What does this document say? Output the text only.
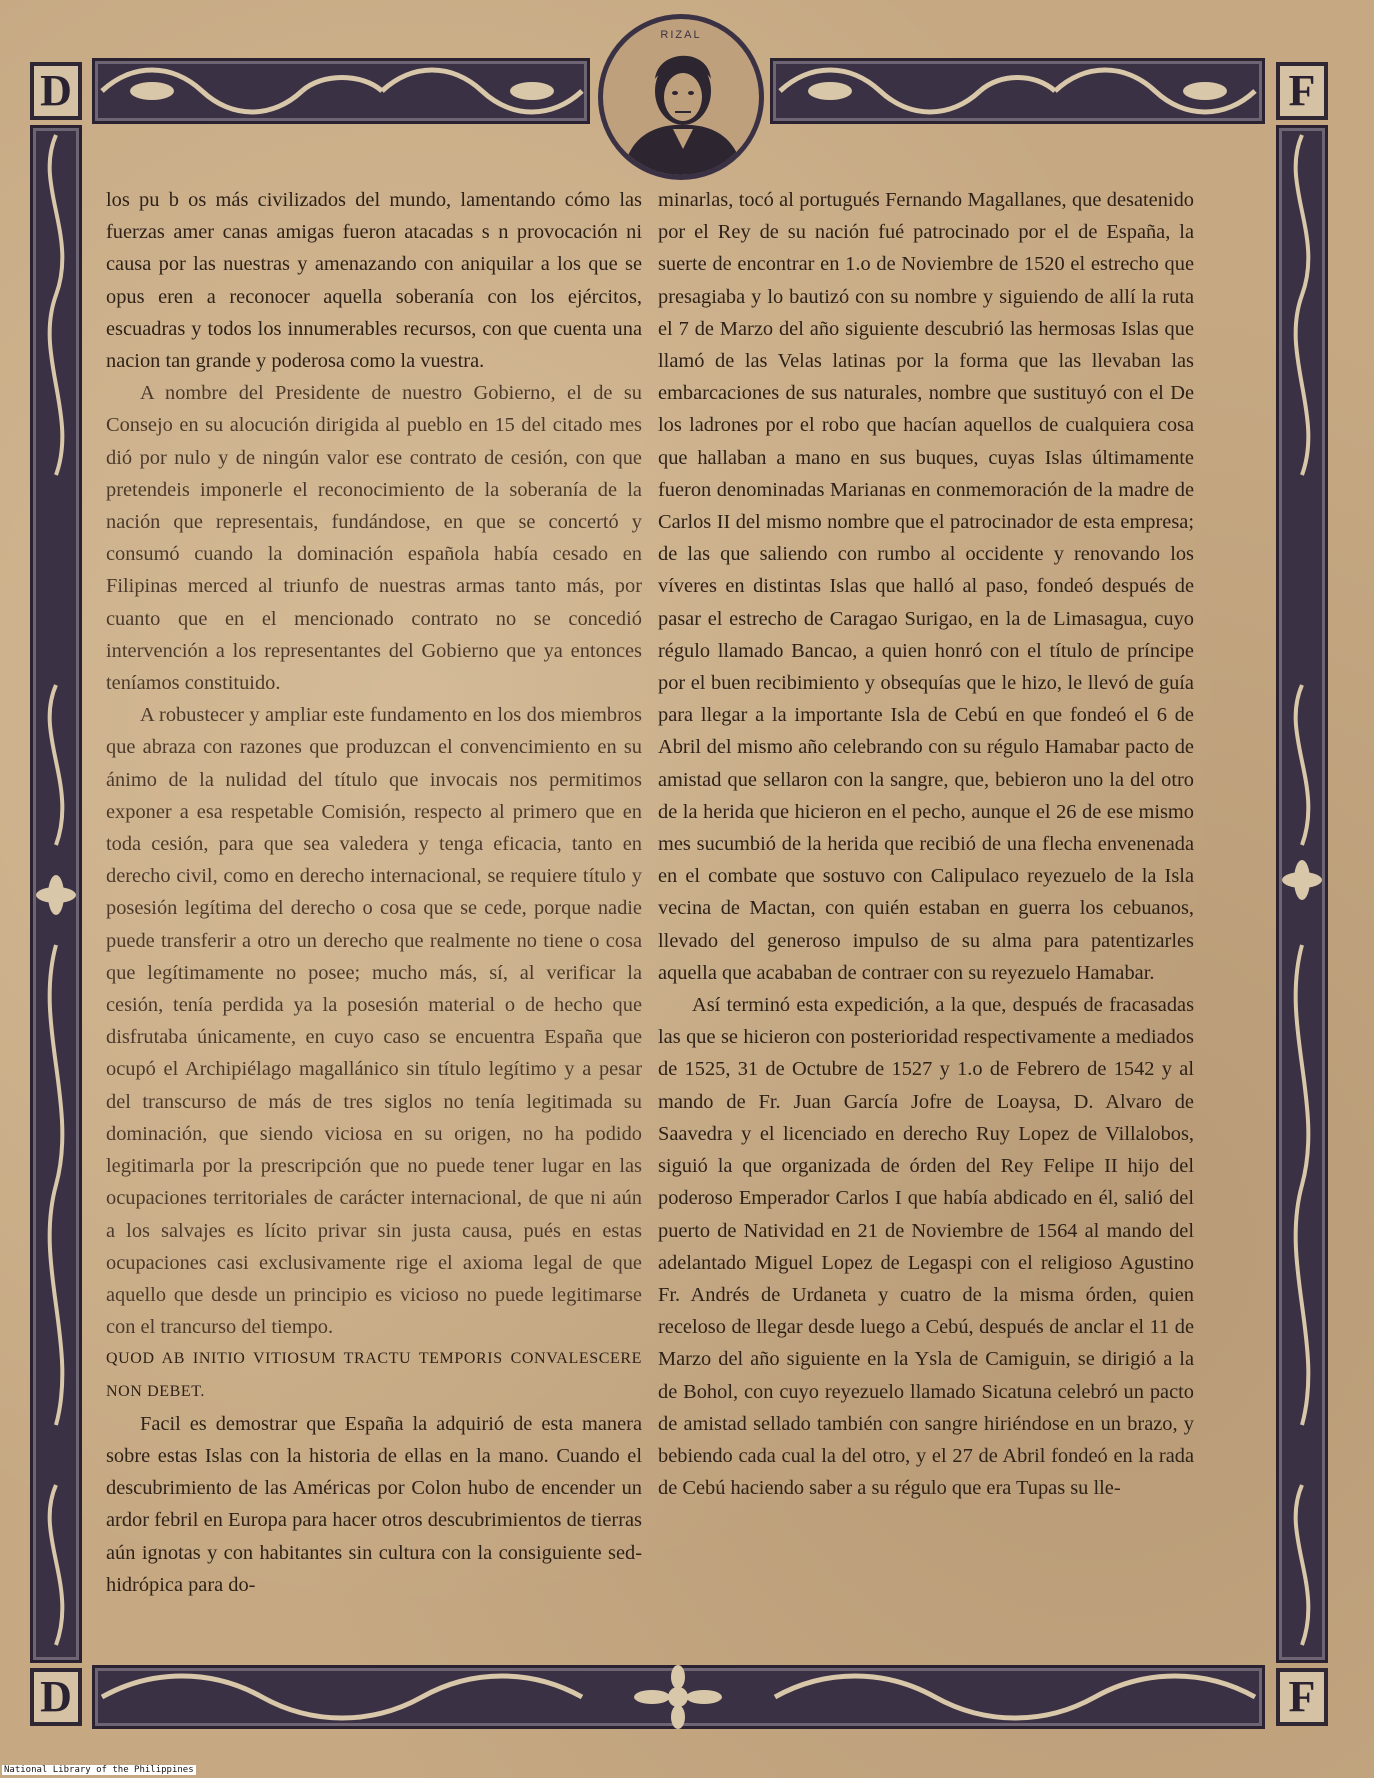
D	F
D	F
RIZAL

los pu b os más civilizados del mundo, lamentando cómo las fuerzas amer canas amigas fueron atacadas s n provocación ni causa por las nuestras y amenazando con aniquilar a los que se opus eren a reconocer aquella soberanía con los ejércitos, escuadras y todos los innumerables recursos, con que cuenta una nacion tan grande y poderosa como la vuestra.

A nombre del Presidente de nuestro Gobierno, el de su Consejo en su alocución dirigida al pueblo en 15 del citado mes dió por nulo y de ningún valor ese contrato de cesión, con que pretendeis imponerle el reconocimiento de la soberanía de la nación que representais, fundándose, en que se concertó y consumó cuando la dominación española había cesado en Filipinas merced al triunfo de nuestras armas tanto más, por cuanto que en el mencionado contrato no se concedió intervención a los representantes del Gobierno que ya entonces teníamos constituido.

A robustecer y ampliar este fundamento en los dos miembros que abraza con razones que produzcan el convencimiento en su ánimo de la nulidad del título que invocais nos permitimos exponer a esa respetable Comisión, respecto al primero que en toda cesión, para que sea valedera y tenga eficacia, tanto en derecho civil, como en derecho internacional, se requiere título y posesión legítima del derecho o cosa que se cede, porque nadie puede transferir a otro un derecho que realmente no tiene o cosa que legítimamente no posee; mucho más, sí, al verificar la cesión, tenía perdida ya la posesión material o de hecho que disfrutaba únicamente, en cuyo caso se encuentra España que ocupó el Archipiélago magallánico sin título legítimo y a pesar del transcurso de más de tres siglos no tenía legitimada su dominación, que siendo viciosa en su origen, no ha podido legitimarla por la prescripción que no puede tener lugar en las ocupaciones territoriales de carácter internacional, de que ni aún a los salvajes es lícito privar sin justa causa, pués en estas ocupaciones casi exclusivamente rige el axioma legal de que aquello que desde un principio es vicioso no puede legitimarse con el trancurso del tiempo.

QUOD AB INITIO VITIOSUM TRACTU TEMPORIS CONVALESCERE NON DEBET.

Facil es demostrar que España la adquirió de esta manera sobre estas Islas con la historia de ellas en la mano. Cuando el descubrimiento de las Américas por Colon hubo de encender un ardor febril en Europa para hacer otros descubrimientos de tierras aún ignotas y con habitantes sin cultura con la consiguiente sed-hidrópica para do-

minarlas, tocó al portugués Fernando Magallanes, que desatenido por el Rey de su nación fué patrocinado por el de España, la suerte de encontrar en 1.o de Noviembre de 1520 el estrecho que presagiaba y lo bautizó con su nombre y siguiendo de allí la ruta el 7 de Marzo del año siguiente descubrió las hermosas Islas que llamó de las Velas latinas por la forma que las llevaban las embarcaciones de sus naturales, nombre que sustituyó con el De los ladrones por el robo que hacían aquellos de cualquiera cosa que hallaban a mano en sus buques, cuyas Islas últimamente fueron denominadas Marianas en conmemoración de la madre de Carlos II del mismo nombre que el patrocinador de esta empresa; de las que saliendo con rumbo al occidente y renovando los víveres en distintas Islas que halló al paso, fondeó después de pasar el estrecho de Caragao Surigao, en la de Limasagua, cuyo régulo llamado Bancao, a quien honró con el título de príncipe por el buen recibimiento y obsequías que le hizo, le llevó de guía para llegar a la importante Isla de Cebú en que fondeó el 6 de Abril del mismo año celebrando con su régulo Hamabar pacto de amistad que sellaron con la sangre, que, bebieron uno la del otro de la herida que hicieron en el pecho, aunque el 26 de ese mismo mes sucumbió de la herida que recibió de una flecha envenenada en el combate que sostuvo con Calipulaco reyezuelo de la Isla vecina de Mactan, con quién estaban en guerra los cebuanos, llevado del generoso impulso de su alma para patentizarles aquella que acababan de contraer con su reyezuelo Hamabar.

Así terminó esta expedición, a la que, después de fracasadas las que se hicieron con posterioridad respectivamente a mediados de 1525, 31 de Octubre de 1527 y 1.o de Febrero de 1542 y al mando de Fr. Juan García Jofre de Loaysa, D. Alvaro de Saavedra y el licenciado en derecho Ruy Lopez de Villalobos, siguió la que organizada de órden del Rey Felipe II hijo del poderoso Emperador Carlos I que había abdicado en él, salió del puerto de Natividad en 21 de Noviembre de 1564 al mando del adelantado Miguel Lopez de Legaspi con el religioso Agustino Fr. Andrés de Urdaneta y cuatro de la misma órden, quien receloso de llegar desde luego a Cebú, después de anclar el 11 de Marzo del año siguiente en la Ysla de Camiguin, se dirigió a la de Bohol, con cuyo reyezuelo llamado Sicatuna celebró un pacto de amistad sellado también con sangre hiriéndose en un brazo, y bebiendo cada cual la del otro, y el 27 de Abril fondeó en la rada de Cebú haciendo saber a su régulo que era Tupas su lle-

National Library of the Philippines
